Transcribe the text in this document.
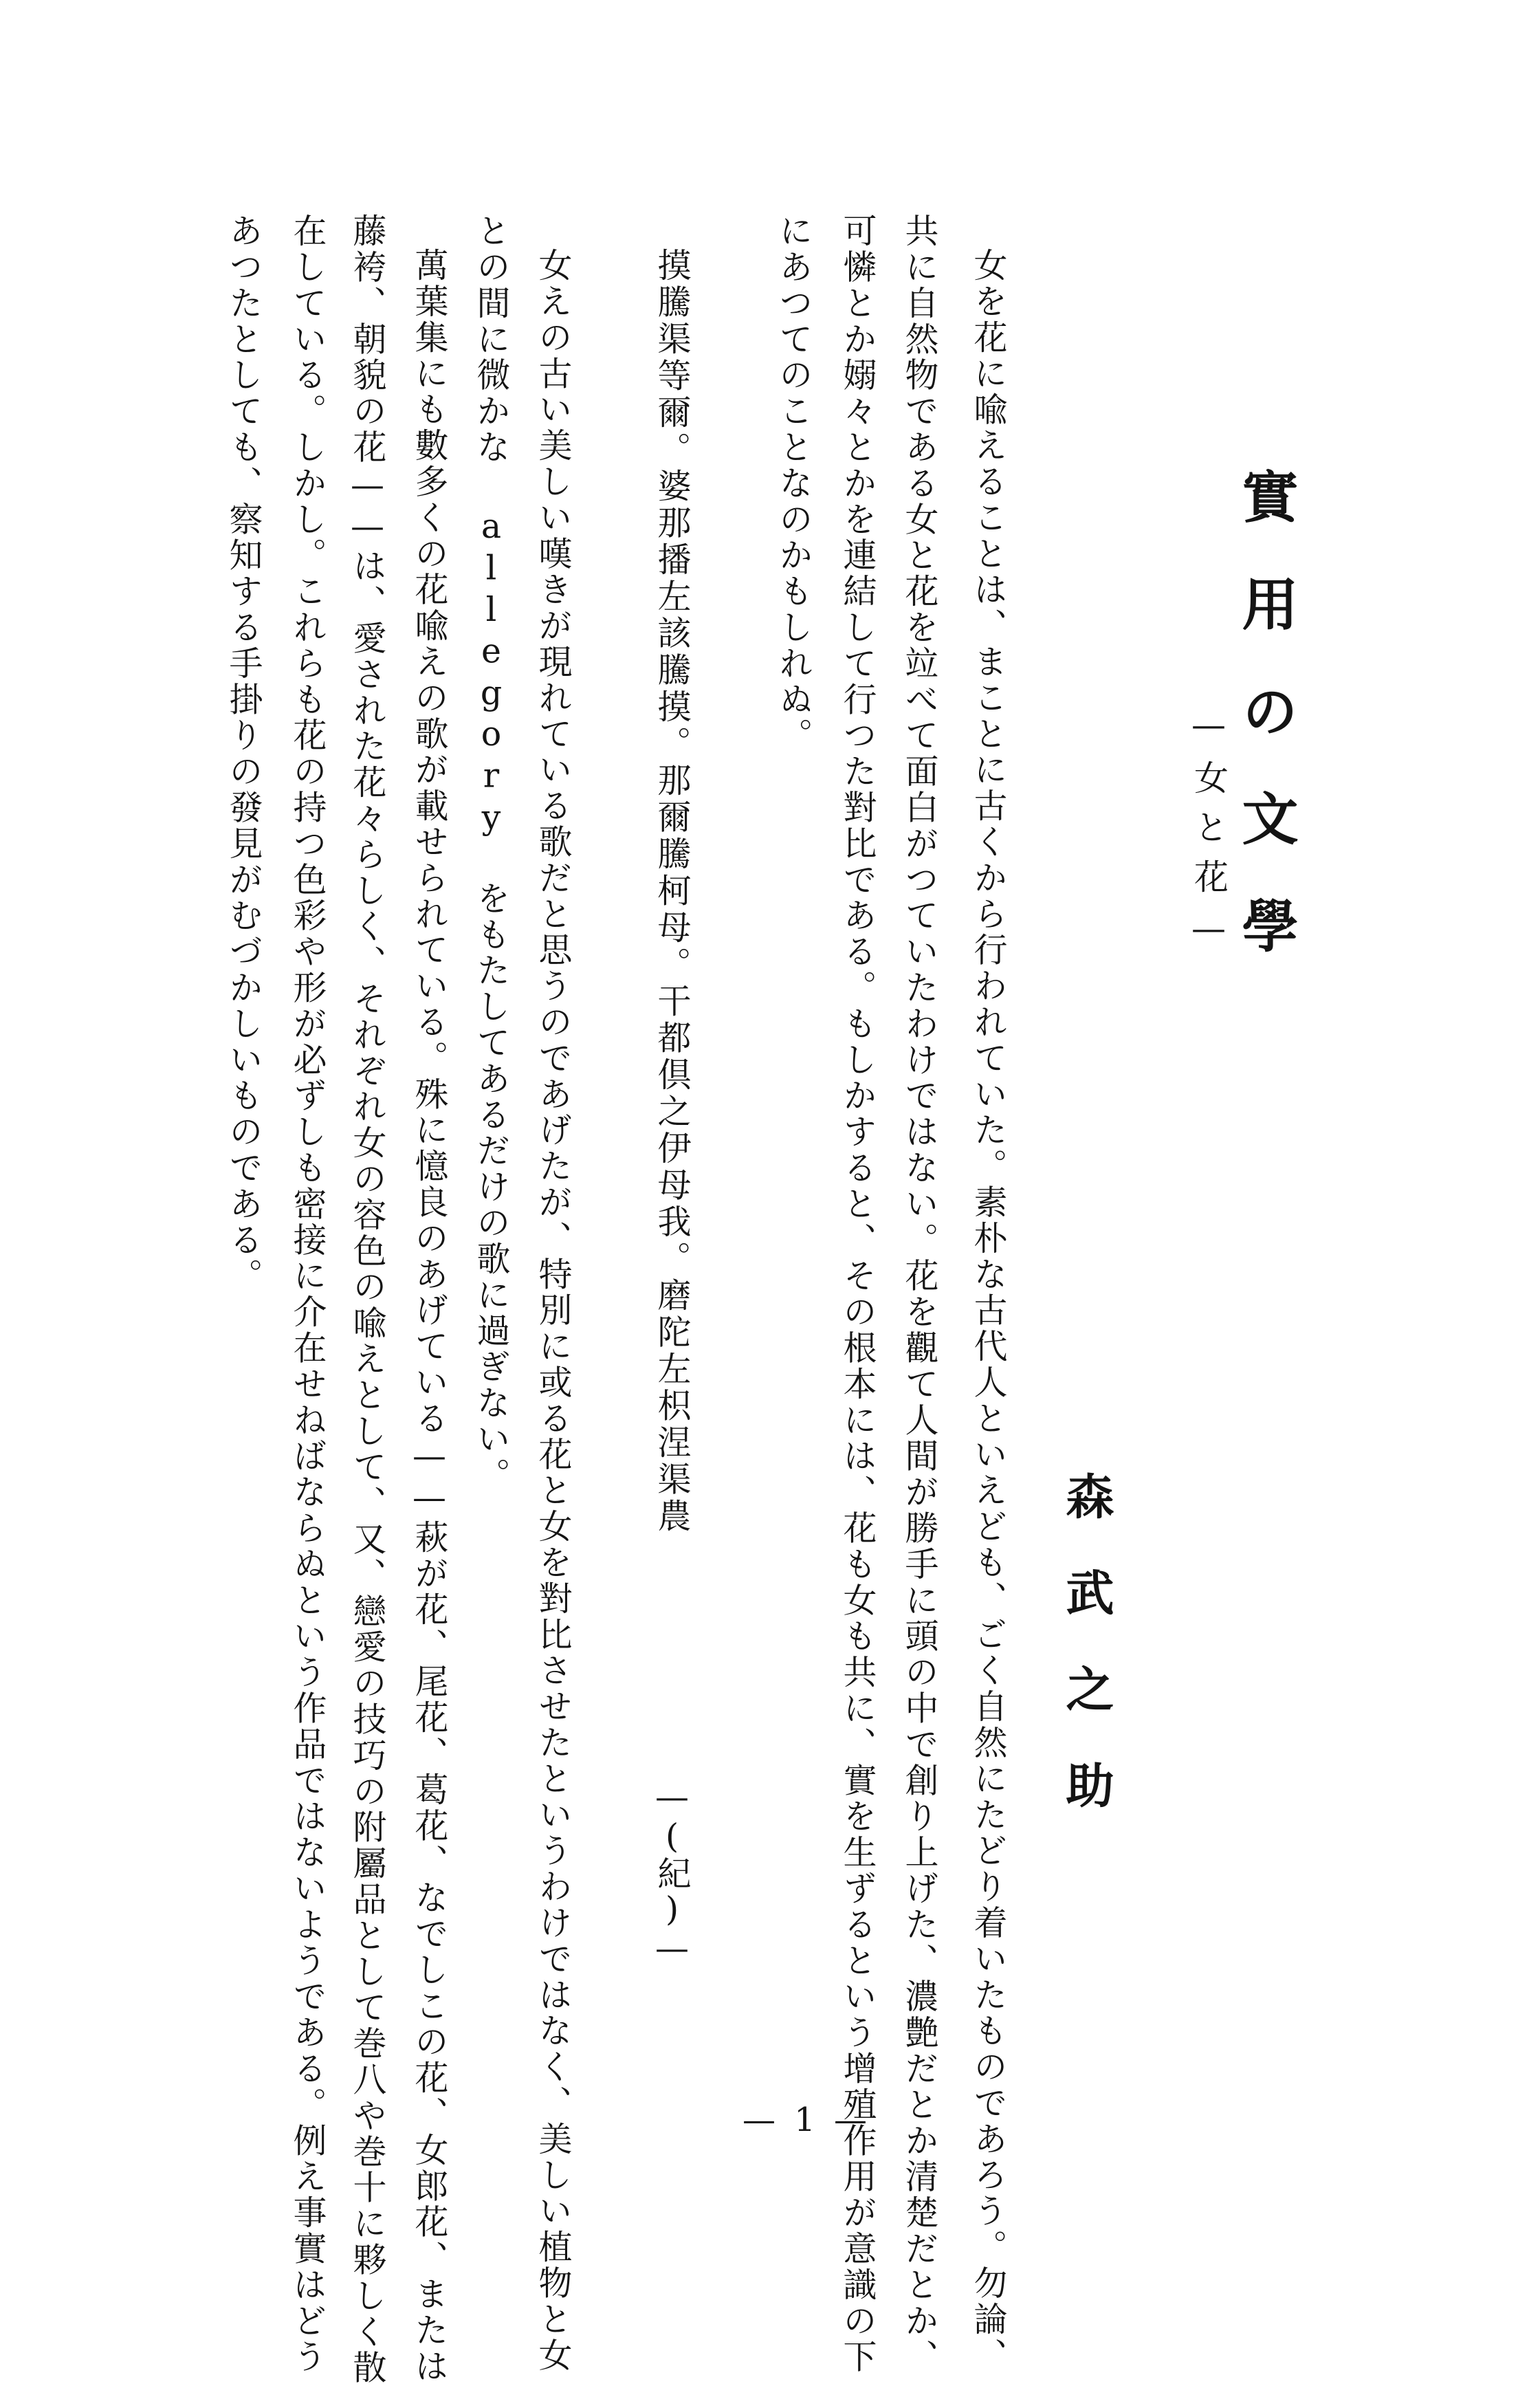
實用の文學
—女と花—
森武之助
女を花に喩えることは、まことに古くから行われていた。素朴な古代人といえども、ごく自然にたどり着いたものであろう。勿論、
共に自然物である女と花を竝べて面白がつていたわけではない。花を觀て人間が勝手に頭の中で創り上げた、濃艶だとか清楚だとか、
可憐とか嫋々とかを連結して行つた對比である。もしかすると、その根本には、花も女も共に、實を生ずるという增殖作用が意識の下
にあつてのことなのかもしれぬ。
摸騰渠等爾。婆那播左該騰摸。那爾騰柯母。干都倶之伊母我。磨陀左枳涅渠農
—(紀)—
女えの古い美しい嘆きが現れている歌だと思うのであげたが、特別に或る花と女を對比させたというわけではなく、美しい植物と女
との間に微かな allegory をもたしてあるだけの歌に過ぎない。
萬葉集にも數多くの花喩えの歌が載せられている。殊に憶良のあげている——萩が花、尾花、葛花、なでしこの花、女郎花、または
藤袴、朝貌の花——は、愛された花々らしく、それぞれ女の容色の喩えとして、又、戀愛の技巧の附屬品として巻八や巻十に夥しく散
在している。しかし。これらも花の持つ色彩や形が必ずしも密接に介在せねばならぬという作品ではないようである。例え事實はどう
あつたとしても、察知する手掛りの發見がむづかしいものである。
— 1 —
